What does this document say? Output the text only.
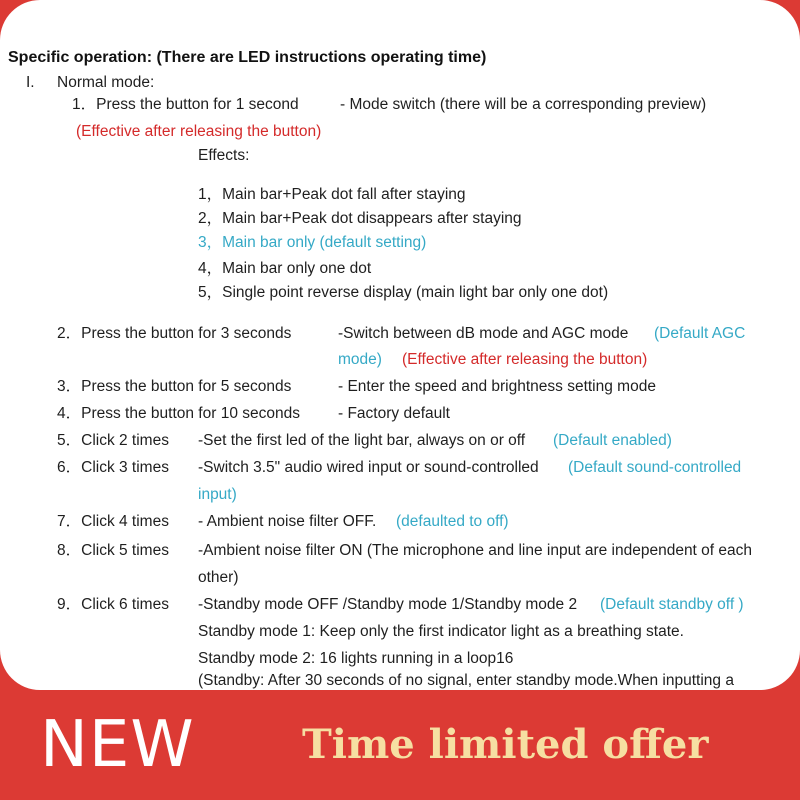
Specific operation: (There are LED instructions operating time)
I. Normal mode:
1．Press the button for 1 second	- Mode switch (there will be a corresponding preview)
(Effective after releasing the button)
Effects:
1，Main bar+Peak dot fall after staying
2，Main bar+Peak dot disappears after staying
3，Main bar only (default setting)
4，Main bar only one dot
5，Single point reverse display (main light bar only one dot)
2．Press the button for 3 seconds	-Switch between dB mode and AGC mode (Default AGC
mode) (Effective after releasing the button)
3．Press the button for 5 seconds	- Enter the speed and brightness setting mode
4．Press the button for 10 seconds - Factory default
5．Click 2 times -Set the first led of the light bar, always on or off (Default enabled)
6．Click 3 times -Switch 3.5" audio wired input or sound-controlled (Default sound-controlled
input)
7．Click 4 times - Ambient noise filter OFF. (defaulted to off)
8．Click 5 times -Ambient noise filter ON (The microphone and line input are independent of each
other)
9．Click 6 times -Standby mode OFF /Standby mode 1/Standby mode 2 (Default standby off )
Standby mode 1: Keep only the first indicator light as a breathing state.
Standby mode 2: 16 lights running in a loop16
(Standby: After 30 seconds of no signal, enter standby mode.When inputting a
NEW	Time limited offer
